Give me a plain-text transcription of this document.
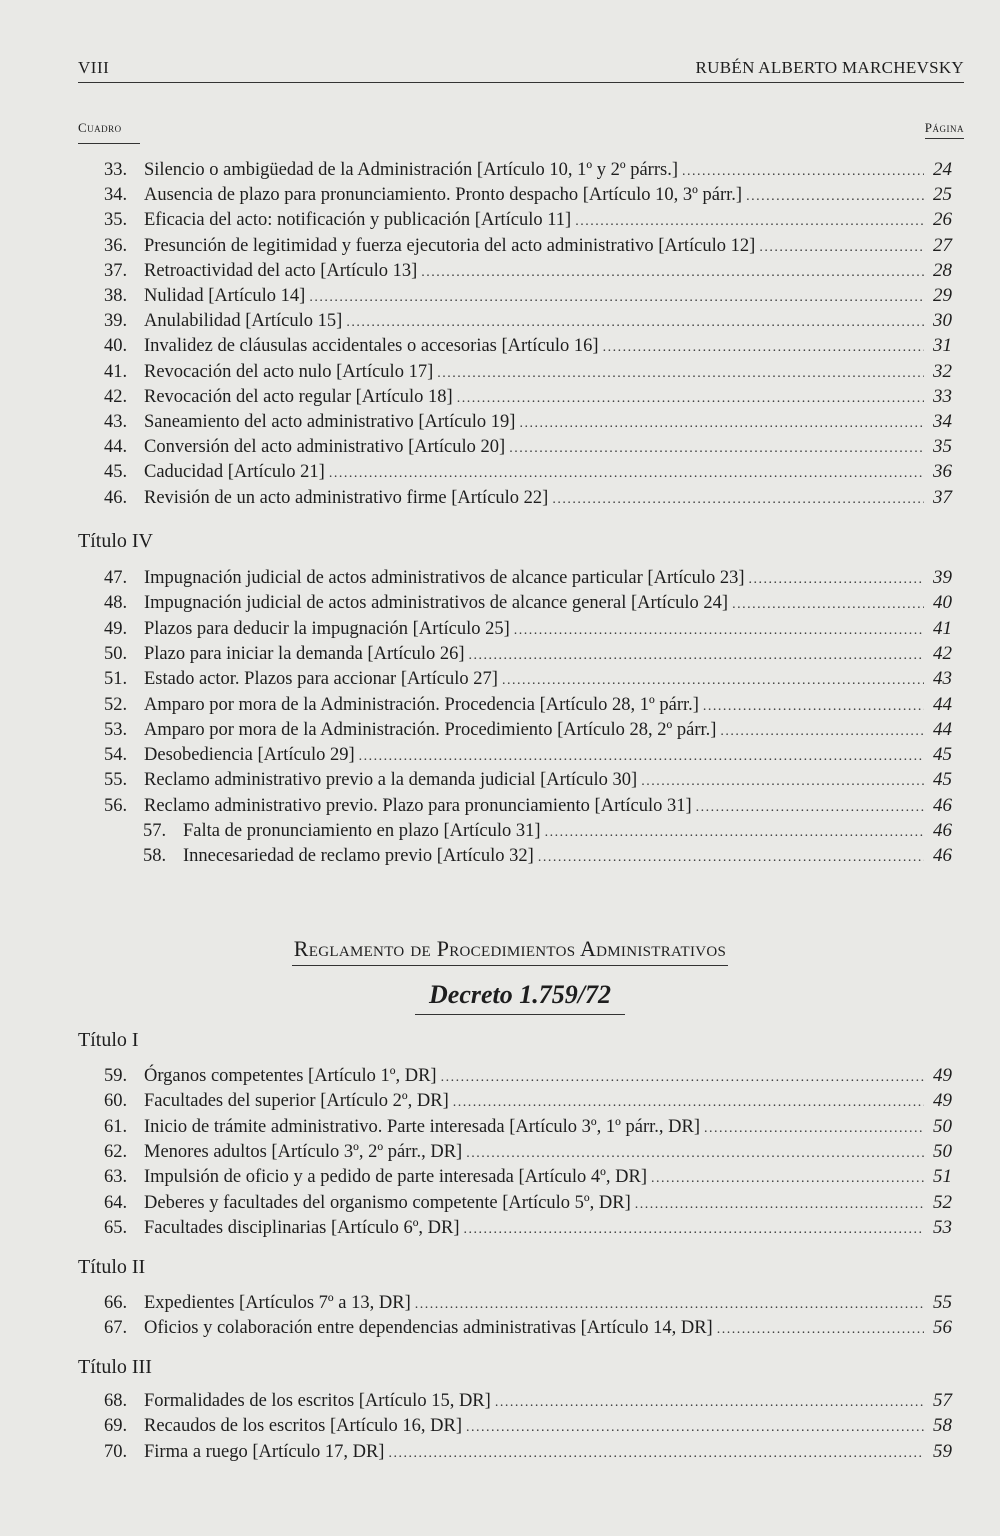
VIII	RUBÉN ALBERTO MARCHEVSKY
Cuadro	Página
33. Silencio o ambigüedad de la Administración [Artículo 10, 1º y 2º párrs.] .....	24
34. Ausencia de plazo para pronunciamiento. Pronto despacho [Artículo 10, 3º párr.] .....	25
35. Eficacia del acto: notificación y publicación [Artículo 11] .....	26
36. Presunción de legitimidad y fuerza ejecutoria del acto administrativo [Artículo 12] .....	27
37. Retroactividad del acto [Artículo 13] .....	28
38. Nulidad [Artículo 14] .....	29
39. Anulabilidad [Artículo 15] .....	30
40. Invalidez de cláusulas accidentales o accesorias [Artículo 16] .....	31
41. Revocación del acto nulo [Artículo 17] .....	32
42. Revocación del acto regular [Artículo 18] .....	33
43. Saneamiento del acto administrativo [Artículo 19] .....	34
44. Conversión del acto administrativo [Artículo 20] .....	35
45. Caducidad [Artículo 21] .....	36
46. Revisión de un acto administrativo firme [Artículo 22] .....	37
Título IV
47. Impugnación judicial de actos administrativos de alcance particular [Artículo 23] .....	39
48. Impugnación judicial de actos administrativos de alcance general [Artículo 24] .....	40
49. Plazos para deducir la impugnación [Artículo 25] .....	41
50. Plazo para iniciar la demanda [Artículo 26] .....	42
51. Estado actor. Plazos para accionar [Artículo 27] .....	43
52. Amparo por mora de la Administración. Procedencia [Artículo 28, 1º párr.] .....	44
53. Amparo por mora de la Administración. Procedimiento [Artículo 28, 2º párr.] .....	44
54. Desobediencia [Artículo 29] .....	45
55. Reclamo administrativo previo a la demanda judicial [Artículo 30] .....	45
56. Reclamo administrativo previo. Plazo para pronunciamiento [Artículo 31] .....	46
57. Falta de pronunciamiento en plazo [Artículo 31] .....	46
58. Innecesariedad de reclamo previo [Artículo 32] .....	46
Reglamento de Procedimientos Administrativos
Decreto 1.759/72
Título I
59. Órganos competentes [Artículo 1º, DR] .....	49
60. Facultades del superior [Artículo 2º, DR] .....	49
61. Inicio de trámite administrativo. Parte interesada [Artículo 3º, 1º párr., DR] .....	50
62. Menores adultos [Artículo 3º, 2º párr., DR] .....	50
63. Impulsión de oficio y a pedido de parte interesada [Artículo 4º, DR] .....	51
64. Deberes y facultades del organismo competente [Artículo 5º, DR] .....	52
65. Facultades disciplinarias [Artículo 6º, DR] .....	53
Título II
66. Expedientes [Artículos 7º a 13, DR] .....	55
67. Oficios y colaboración entre dependencias administrativas [Artículo 14, DR] .....	56
Título III
68. Formalidades de los escritos [Artículo 15, DR] .....	57
69. Recaudos de los escritos [Artículo 16, DR] .....	58
70. Firma a ruego [Artículo 17, DR] .....	59
